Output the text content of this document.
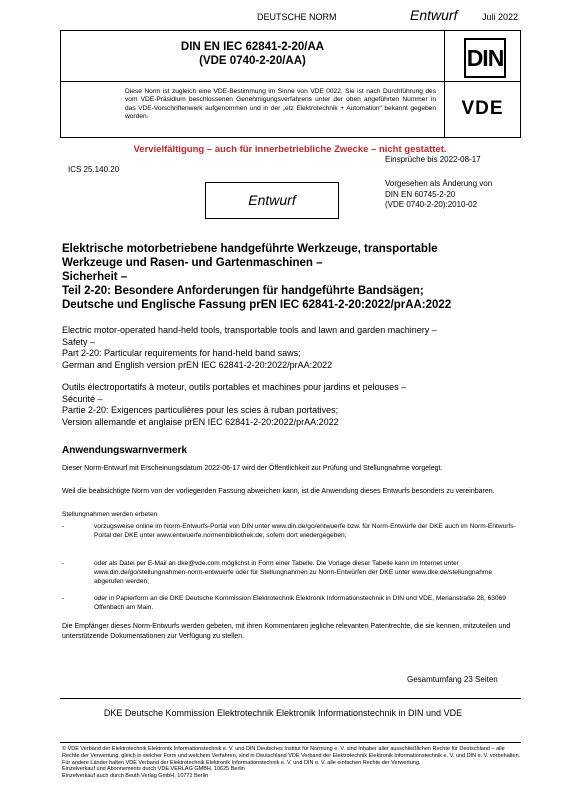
DEUTSCHE NORM	Entwurf	Juli 2022
DIN EN IEC 62841-2-20/AA
(VDE 0740-2-20/AA)	DIN
Diese Norm ist zugleich eine VDE-Bestimmung im Sinne von VDE 0022. Sie ist nach Durchführung des vom VDE-Präsidium beschlossenen Genehmigungsverfahrens unter der oben angeführten Nummer in das VDE-Vorschriftenwerk aufgenommen und in der „etz Elektrotechnik + Automation" bekannt gegeben worden.	VDE
Vervielfältigung – auch für innerbetriebliche Zwecke – nicht gestattet.
ICS 25.140.20
Einsprüche bis 2022-08-17
Entwurf
Vorgesehen als Änderung von
DIN EN 60745-2-20
(VDE 0740-2-20):2010-02
Elektrische motorbetriebene handgeführte Werkzeuge, transportable
Werkzeuge und Rasen- und Gartenmaschinen –
Sicherheit –
Teil 2-20: Besondere Anforderungen für handgeführte Bandsägen;
Deutsche und Englische Fassung prEN IEC 62841-2-20:2022/prAA:2022
Electric motor-operated hand-held tools, transportable tools and lawn and garden machinery –
Safety –
Part 2-20: Particular requirements for hand-held band saws;
German and English version prEN IEC 62841-2-20:2022/prAA:2022
Outils électroportatifs à moteur, outils portables et machines pour jardins et pelouses –
Sécurité –
Partie 2-20: Exigences particulières pour les scies à ruban portatives;
Version allemande et anglaise prEN IEC 62841-2-20:2022/prAA:2022
Anwendungswarnvermerk
Dieser Norm-Entwurf mit Erscheinungsdatum 2022-06-17 wird der Öffentlichkeit zur Prüfung und Stellungnahme vorgelegt.
Weil die beabsichtigte Norm von der vorliegenden Fassung abweichen kann, ist die Anwendung dieses Entwurfs besonders zu vereinbaren.
Stellungnahmen werden erbeten
-	vorzugsweise online im Norm-Entwurfs-Portal von DIN unter www.din.de/go/entwuerfe bzw. für Norm-Entwürfe der DKE auch im Norm-Entwurfs-Portal der DKE unter www.entwuerfe.normenbibliothek.de, sofern dort wiedergegeben;
-	oder als Datei per E-Mail an dke@vde.com möglichst in Form einer Tabelle. Die Vorlage dieser Tabelle kann im Internet unter www.din.de/go/stellungnahmen-norm-entwuerfe oder für Stellungnahmen zu Norm-Entwürfen der DKE unter www.dke.de/stellungnahme abgerufen werden;
-	oder in Papierform an die DKE Deutsche Kommission Elektrotechnik Elektronik Informationstechnik in DIN und VDE, Merianstraße 28, 63069 Offenbach am Main.
Die Empfänger dieses Norm-Entwurfs werden gebeten, mit ihren Kommentaren jegliche relevanten Patentrechte, die sie kennen, mitzuteilen und unterstützende Dokumentationen zur Verfügung zu stellen.
Gesamtumfang 23 Seiten
DKE Deutsche Kommission Elektrotechnik Elektronik Informationstechnik in DIN und VDE
© VDE Verband der Elektrotechnik Elektronik Informationstechnik e. V. und DIN Deutsches Institut für Normung e. V. sind Inhaber aller ausschließlichen Rechte für Deutschland – alle Rechte der Verwertung, gleich in welcher Form und welchem Verfahren, sind in Deutschland VDE Verband der Elektrotechnik Elektronik Informationstechnik e. V. und DIN e. V. vorbehalten. Für andere Länder halten VDE Verband der Elektrotechnik Elektronik Informationstechnik e. V. und DIN e. V. alle einfachen Rechte der Verwertung.
Einzelverkauf und Abonnements durch VDE VERLAG GMBH, 10625 Berlin
Einzelverkauf auch durch Beuth Verlag GmbH, 10772 Berlin
